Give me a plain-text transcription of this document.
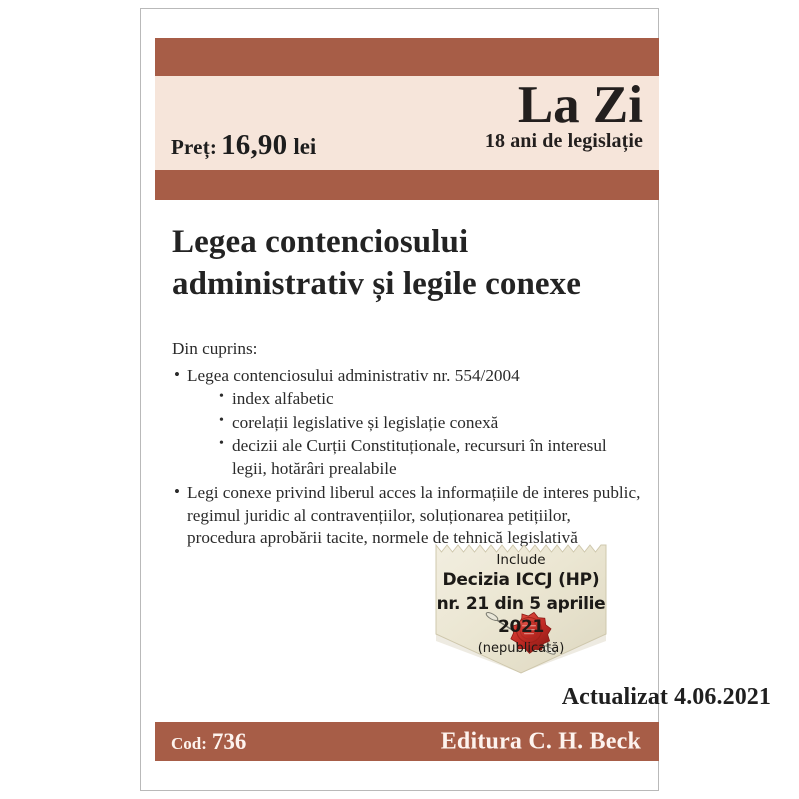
Preț: 16,90 lei
La Zi
18 ani de legislație
Legea contenciosului
administrativ și legile conexe
Din cuprins:
• Legea contenciosului administrativ nr. 554/2004
• index alfabetic
• corelații legislative și legislație conexă
• decizii ale Curții Constituționale, recursuri în interesul legii, hotărâri prealabile
• Legi conexe privind liberul acces la informațiile de interes public, regimul juridic al contravențiilor, soluționarea petițiilor, procedura aprobării tacite, normele de tehnică legislativă
Include
Decizia ICCJ (HP)
nr. 21 din 5 aprilie 2021
(nepublicată)
Actualizat 4.06.2021
Cod: 736	Editura C. H. Beck
